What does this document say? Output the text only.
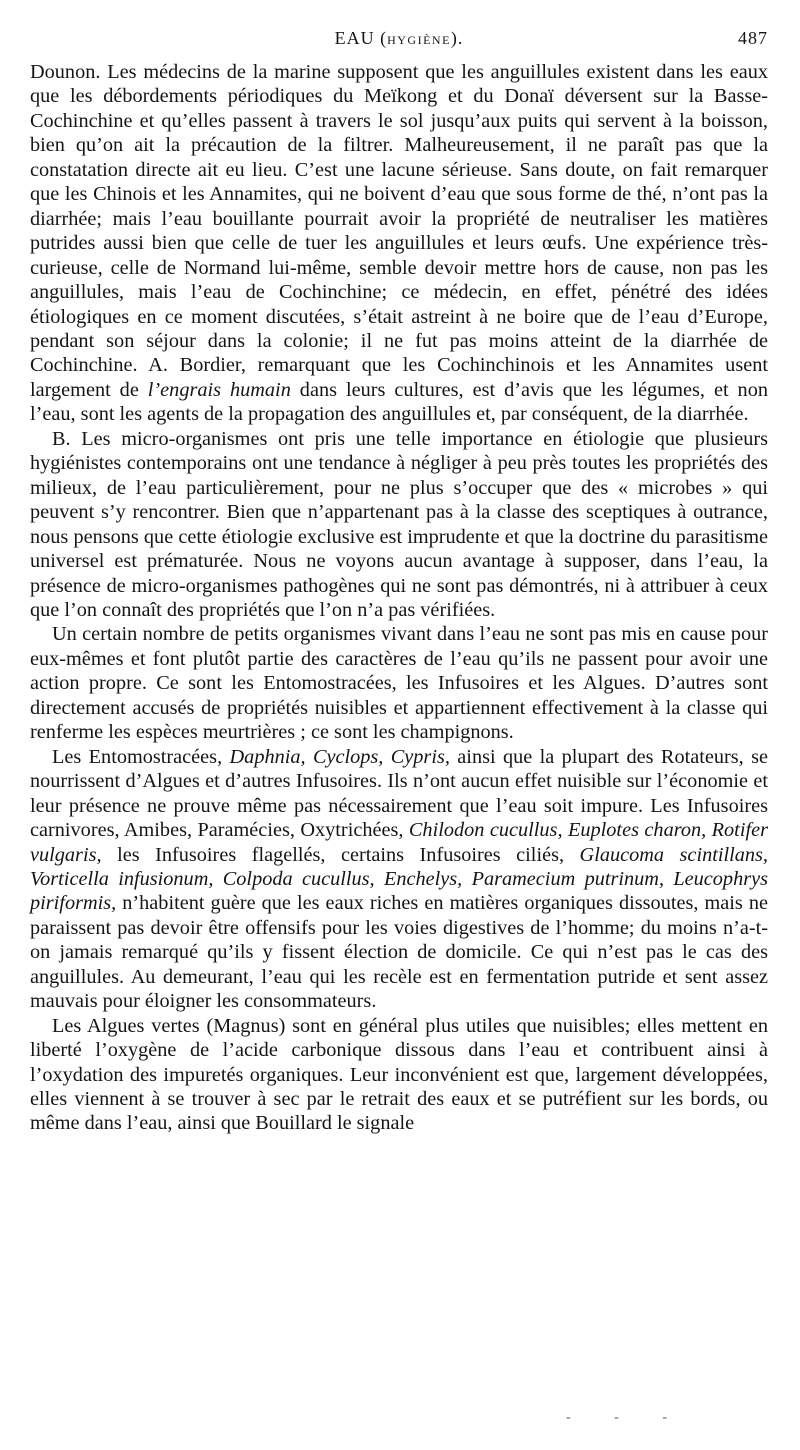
EAU (HYGIÈNE).	487

Dounon. Les médecins de la marine supposent que les anguillules existent dans les eaux que les débordements périodiques du Meïkong et du Donaï déversent sur la Basse-Cochinchine et qu’elles passent à travers le sol jusqu’aux puits qui servent à la boisson, bien qu’on ait la précaution de la filtrer. Malheureusement, il ne paraît pas que la constatation directe ait eu lieu. C’est une lacune sérieuse. Sans doute, on fait remarquer que les Chinois et les Annamites, qui ne boivent d’eau que sous forme de thé, n’ont pas la diarrhée; mais l’eau bouillante pourrait avoir la propriété de neutraliser les matières putrides aussi bien que celle de tuer les anguillules et leurs œufs. Une expérience très-curieuse, celle de Normand lui-même, semble devoir mettre hors de cause, non pas les anguillules, mais l’eau de Cochinchine; ce médecin, en effet, pénétré des idées étiologiques en ce moment discutées, s’était astreint à ne boire que de l’eau d’Europe, pendant son séjour dans la colonie; il ne fut pas moins atteint de la diarrhée de Cochinchine. A. Bordier, remarquant que les Cochinchinois et les Annamites usent largement de l’engrais humain dans leurs cultures, est d’avis que les légumes, et non l’eau, sont les agents de la propagation des anguillules et, par conséquent, de la diarrhée.

B. Les micro-organismes ont pris une telle importance en étiologie que plusieurs hygiénistes contemporains ont une tendance à négliger à peu près toutes les propriétés des milieux, de l’eau particulièrement, pour ne plus s’occuper que des « microbes » qui peuvent s’y rencontrer. Bien que n’appartenant pas à la classe des sceptiques à outrance, nous pensons que cette étiologie exclusive est imprudente et que la doctrine du parasitisme universel est prématurée. Nous ne voyons aucun avantage à supposer, dans l’eau, la présence de micro-organismes pathogènes qui ne sont pas démontrés, ni à attribuer à ceux que l’on connaît des propriétés que l’on n’a pas vérifiées.

Un certain nombre de petits organismes vivant dans l’eau ne sont pas mis en cause pour eux-mêmes et font plutôt partie des caractères de l’eau qu’ils ne passent pour avoir une action propre. Ce sont les Entomostracées, les Infusoires et les Algues. D’autres sont directement accusés de propriétés nuisibles et appartiennent effectivement à la classe qui renferme les espèces meurtrières ; ce sont les champignons.

Les Entomostracées, Daphnia, Cyclops, Cypris, ainsi que la plupart des Rotateurs, se nourrissent d’Algues et d’autres Infusoires. Ils n’ont aucun effet nuisible sur l’économie et leur présence ne prouve même pas nécessairement que l’eau soit impure. Les Infusoires carnivores, Amibes, Paramécies, Oxytrichées, Chilodon cucullus, Euplotes charon, Rotifer vulgaris, les Infusoires flagellés, certains Infusoires ciliés, Glaucoma scintillans, Vorticella infusionum, Colpoda cucullus, Enchelys, Paramecium putrinum, Leucophrys piriformis, n’habitent guère que les eaux riches en matières organiques dissoutes, mais ne paraissent pas devoir être offensifs pour les voies digestives de l’homme; du moins n’a-t-on jamais remarqué qu’ils y fissent élection de domicile. Ce qui n’est pas le cas des anguillules. Au demeurant, l’eau qui les recèle est en fermentation putride et sent assez mauvais pour éloigner les consommateurs.

Les Algues vertes (Magnus) sont en général plus utiles que nuisibles; elles mettent en liberté l’oxygène de l’acide carbonique dissous dans l’eau et contribuent ainsi à l’oxydation des impuretés organiques. Leur inconvénient est que, largement développées, elles viennent à se trouver à sec par le retrait des eaux et se putréfient sur les bords, ou même dans l’eau, ainsi que Bouillard le signale

- - -
